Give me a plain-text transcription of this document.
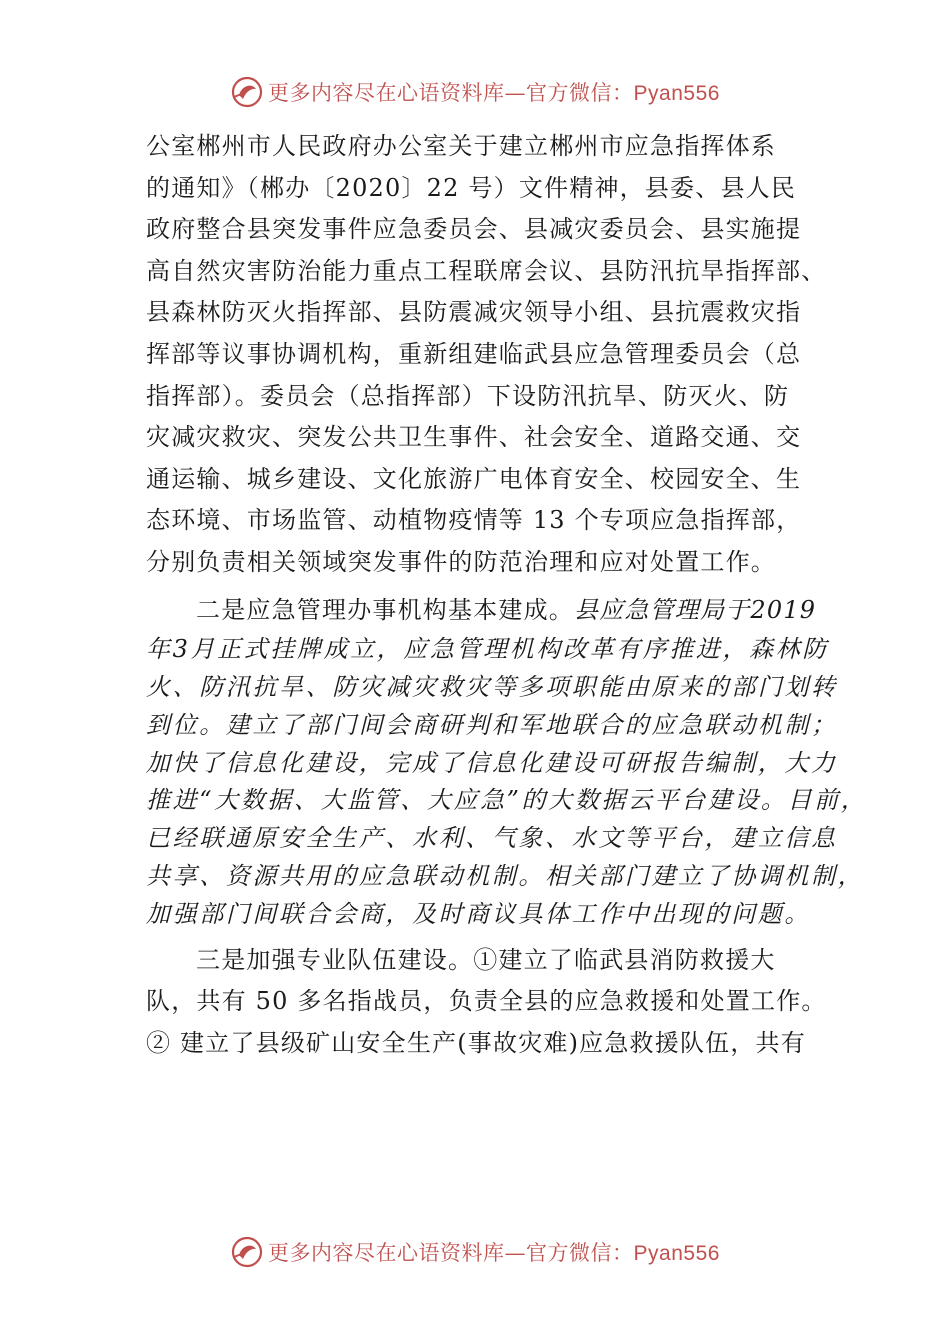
更多内容尽在心语资料库—官方微信：Pyan556

公室郴州市人民政府办公室关于建立郴州市应急指挥体系
的通知》（郴办〔2020〕22 号）文件精神，县委、县人民
政府整合县突发事件应急委员会、县减灾委员会、县实施提
高自然灾害防治能力重点工程联席会议、县防汛抗旱指挥部、
县森林防灭火指挥部、县防震减灾领导小组、县抗震救灾指
挥部等议事协调机构，重新组建临武县应急管理委员会（总
指挥部）。委员会（总指挥部）下设防汛抗旱、防灭火、防
灾减灾救灾、突发公共卫生事件、社会安全、道路交通、交
通运输、城乡建设、文化旅游广电体育安全、校园安全、生
态环境、市场监管、动植物疫情等 13 个专项应急指挥部，
分别负责相关领域突发事件的防范治理和应对处置工作。

二是应急管理办事机构基本建成。县应急管理局于2019
年3月正式挂牌成立，应急管理机构改革有序推进，森林防
火、防汛抗旱、防灾减灾救灾等多项职能由原来的部门划转
到位。建立了部门间会商研判和军地联合的应急联动机制；
加快了信息化建设，完成了信息化建设可研报告编制，大力
推进“大数据、大监管、大应急”的大数据云平台建设。目前，
已经联通原安全生产、水利、气象、水文等平台，建立信息
共享、资源共用的应急联动机制。相关部门建立了协调机制，
加强部门间联合会商，及时商议具体工作中出现的问题。

三是加强专业队伍建设。①建立了临武县消防救援大
队，共有 50 多名指战员，负责全县的应急救援和处置工作。
② 建立了县级矿山安全生产(事故灾难)应急救援队伍，共有

更多内容尽在心语资料库—官方微信：Pyan556
